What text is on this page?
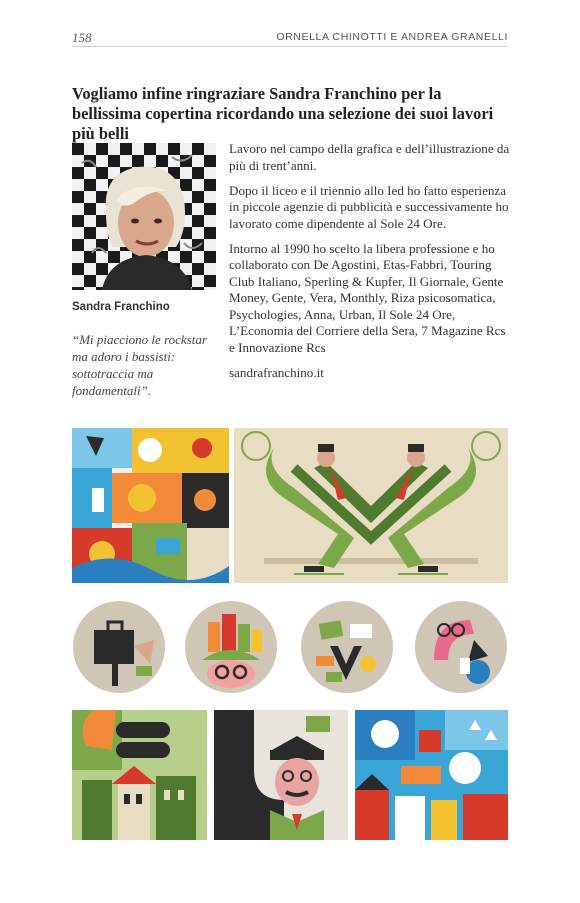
158	ORNELLA CHINOTTI E ANDREA GRANELLI
Vogliamo infine ringraziare Sandra Franchino per la bellissima copertina ricordando una selezione dei suoi lavori più belli
Sandra Franchino
“Mi piacciono le rockstar ma adoro i bassisti: sottotraccia ma fondamentali”.

Lavoro nel campo della grafica e dell’illustrazione da più di trent’anni.

Dopo il liceo e il triennio allo Ied ho fatto esperienza in piccole agenzie di pubblicità e successivamente ho lavorato come dipendente al Sole 24 Ore.

Intorno al 1990 ho scelto la libera professione e ho collaborato con De Agostini, Etas-Fabbri, Touring Club Italiano, Sperling & Kupfer, Il Giornale, Gente Money, Gente, Vera, Monthly, Riza psicosomatica, Psychologies, Anna, Urban, Il Sole 24 Ore, L’Economia del Corriere della Sera, 7 Magazine Rcs e Innovazione Rcs

sandrafranchino.it
